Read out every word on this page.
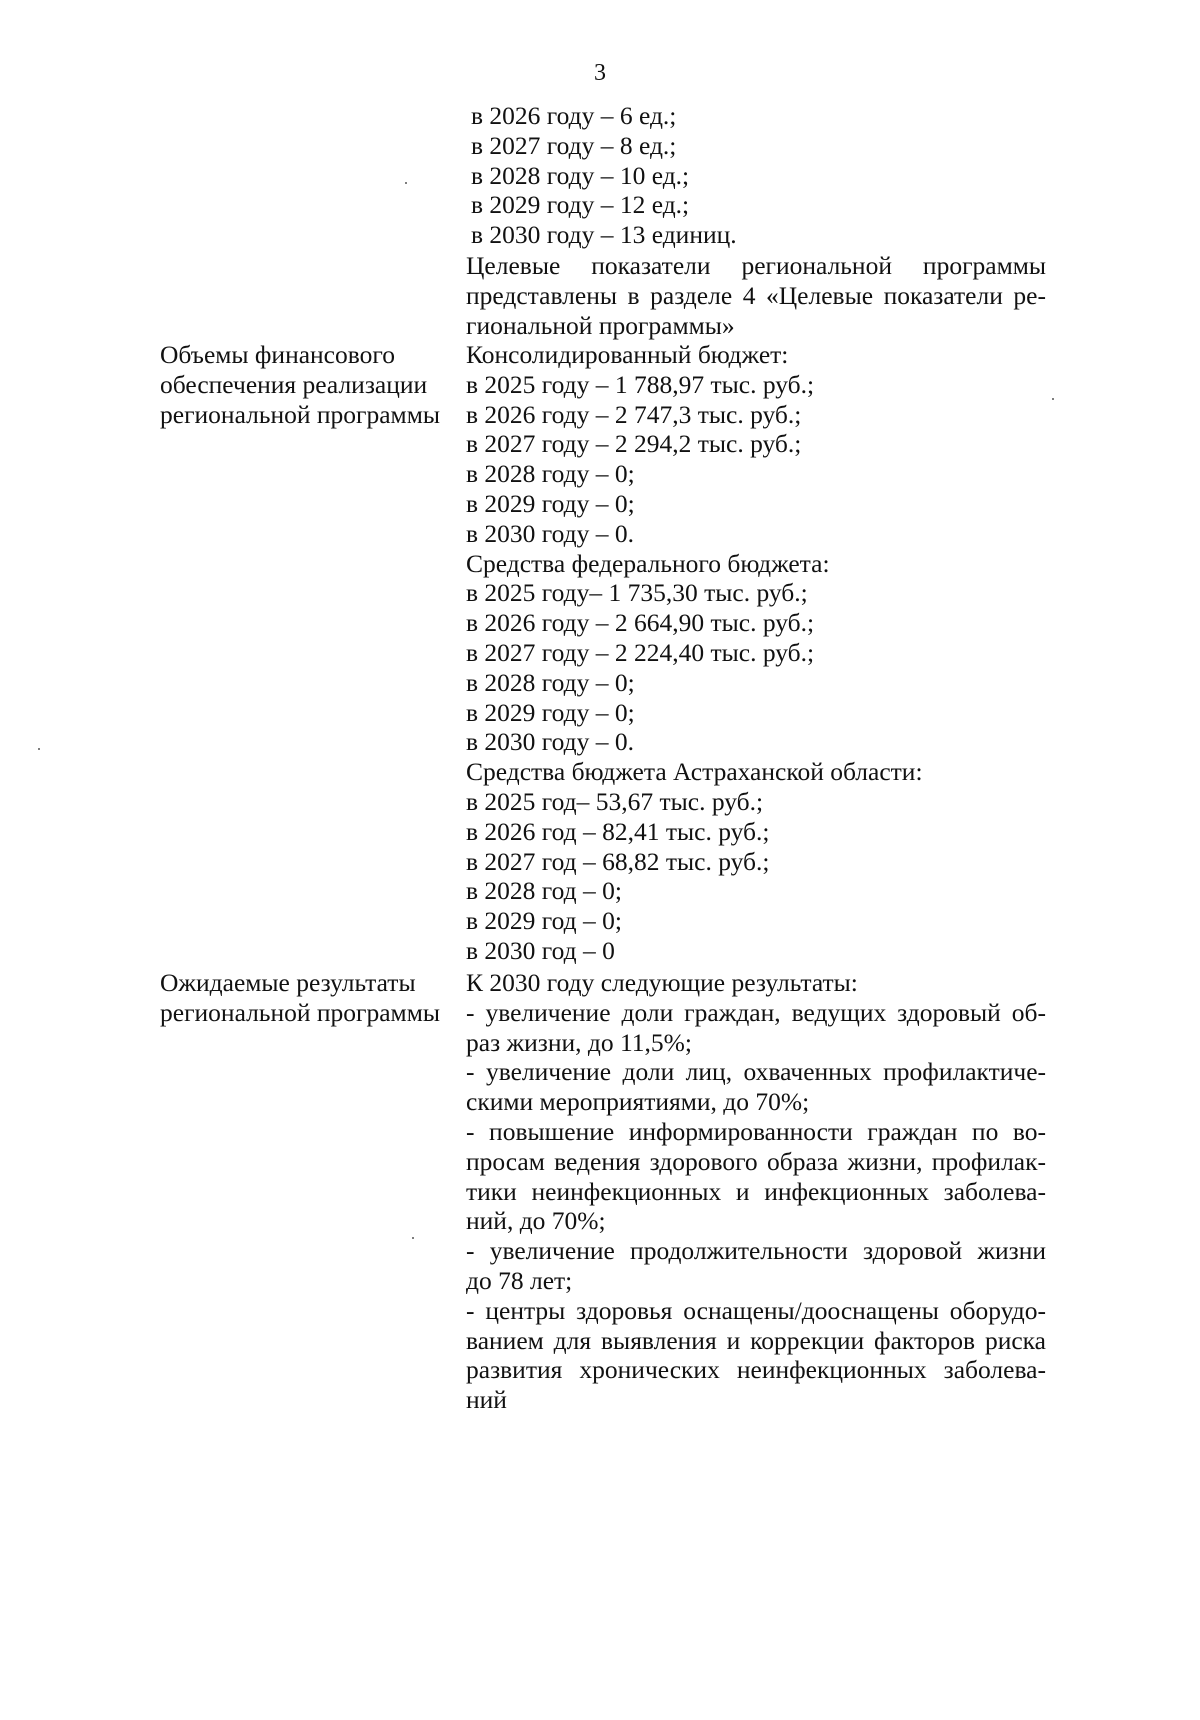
3
в 2026 году – 6 ед.;
в 2027 году – 8 ед.;
в 2028 году – 10 ед.;
в 2029 году – 12 ед.;
в 2030 году – 13 единиц.
Целевые показатели региональной программы
представлены в разделе 4 «Целевые показатели ре-
гиональной программы»
Объемы финансового
обеспечения реализации
региональной программы
Консолидированный бюджет:
в 2025 году – 1 788,97 тыс. руб.;
в 2026 году – 2 747,3 тыс. руб.;
в 2027 году – 2 294,2 тыс. руб.;
в 2028 году – 0;
в 2029 году – 0;
в 2030 году – 0.
Средства федерального бюджета:
в 2025 году– 1 735,30 тыс. руб.;
в 2026 году – 2 664,90 тыс. руб.;
в 2027 году – 2 224,40 тыс. руб.;
в 2028 году – 0;
в 2029 году – 0;
в 2030 году – 0.
Средства бюджета Астраханской области:
в 2025 год– 53,67 тыс. руб.;
в 2026 год – 82,41 тыс. руб.;
в 2027 год – 68,82 тыс. руб.;
в 2028 год – 0;
в 2029 год – 0;
в 2030 год – 0
Ожидаемые результаты
региональной программы
К 2030 году следующие результаты:
- увеличение доли граждан, ведущих здоровый об-
раз жизни, до 11,5%;
- увеличение доли лиц, охваченных профилактиче-
скими мероприятиями, до 70%;
- повышение информированности граждан по во-
просам ведения здорового образа жизни, профилак-
тики неинфекционных и инфекционных заболева-
ний, до 70%;
- увеличение продолжительности здоровой жизни
до 78 лет;
- центры здоровья оснащены/дооснащены оборудо-
ванием для выявления и коррекции факторов риска
развития хронических неинфекционных заболева-
ний
